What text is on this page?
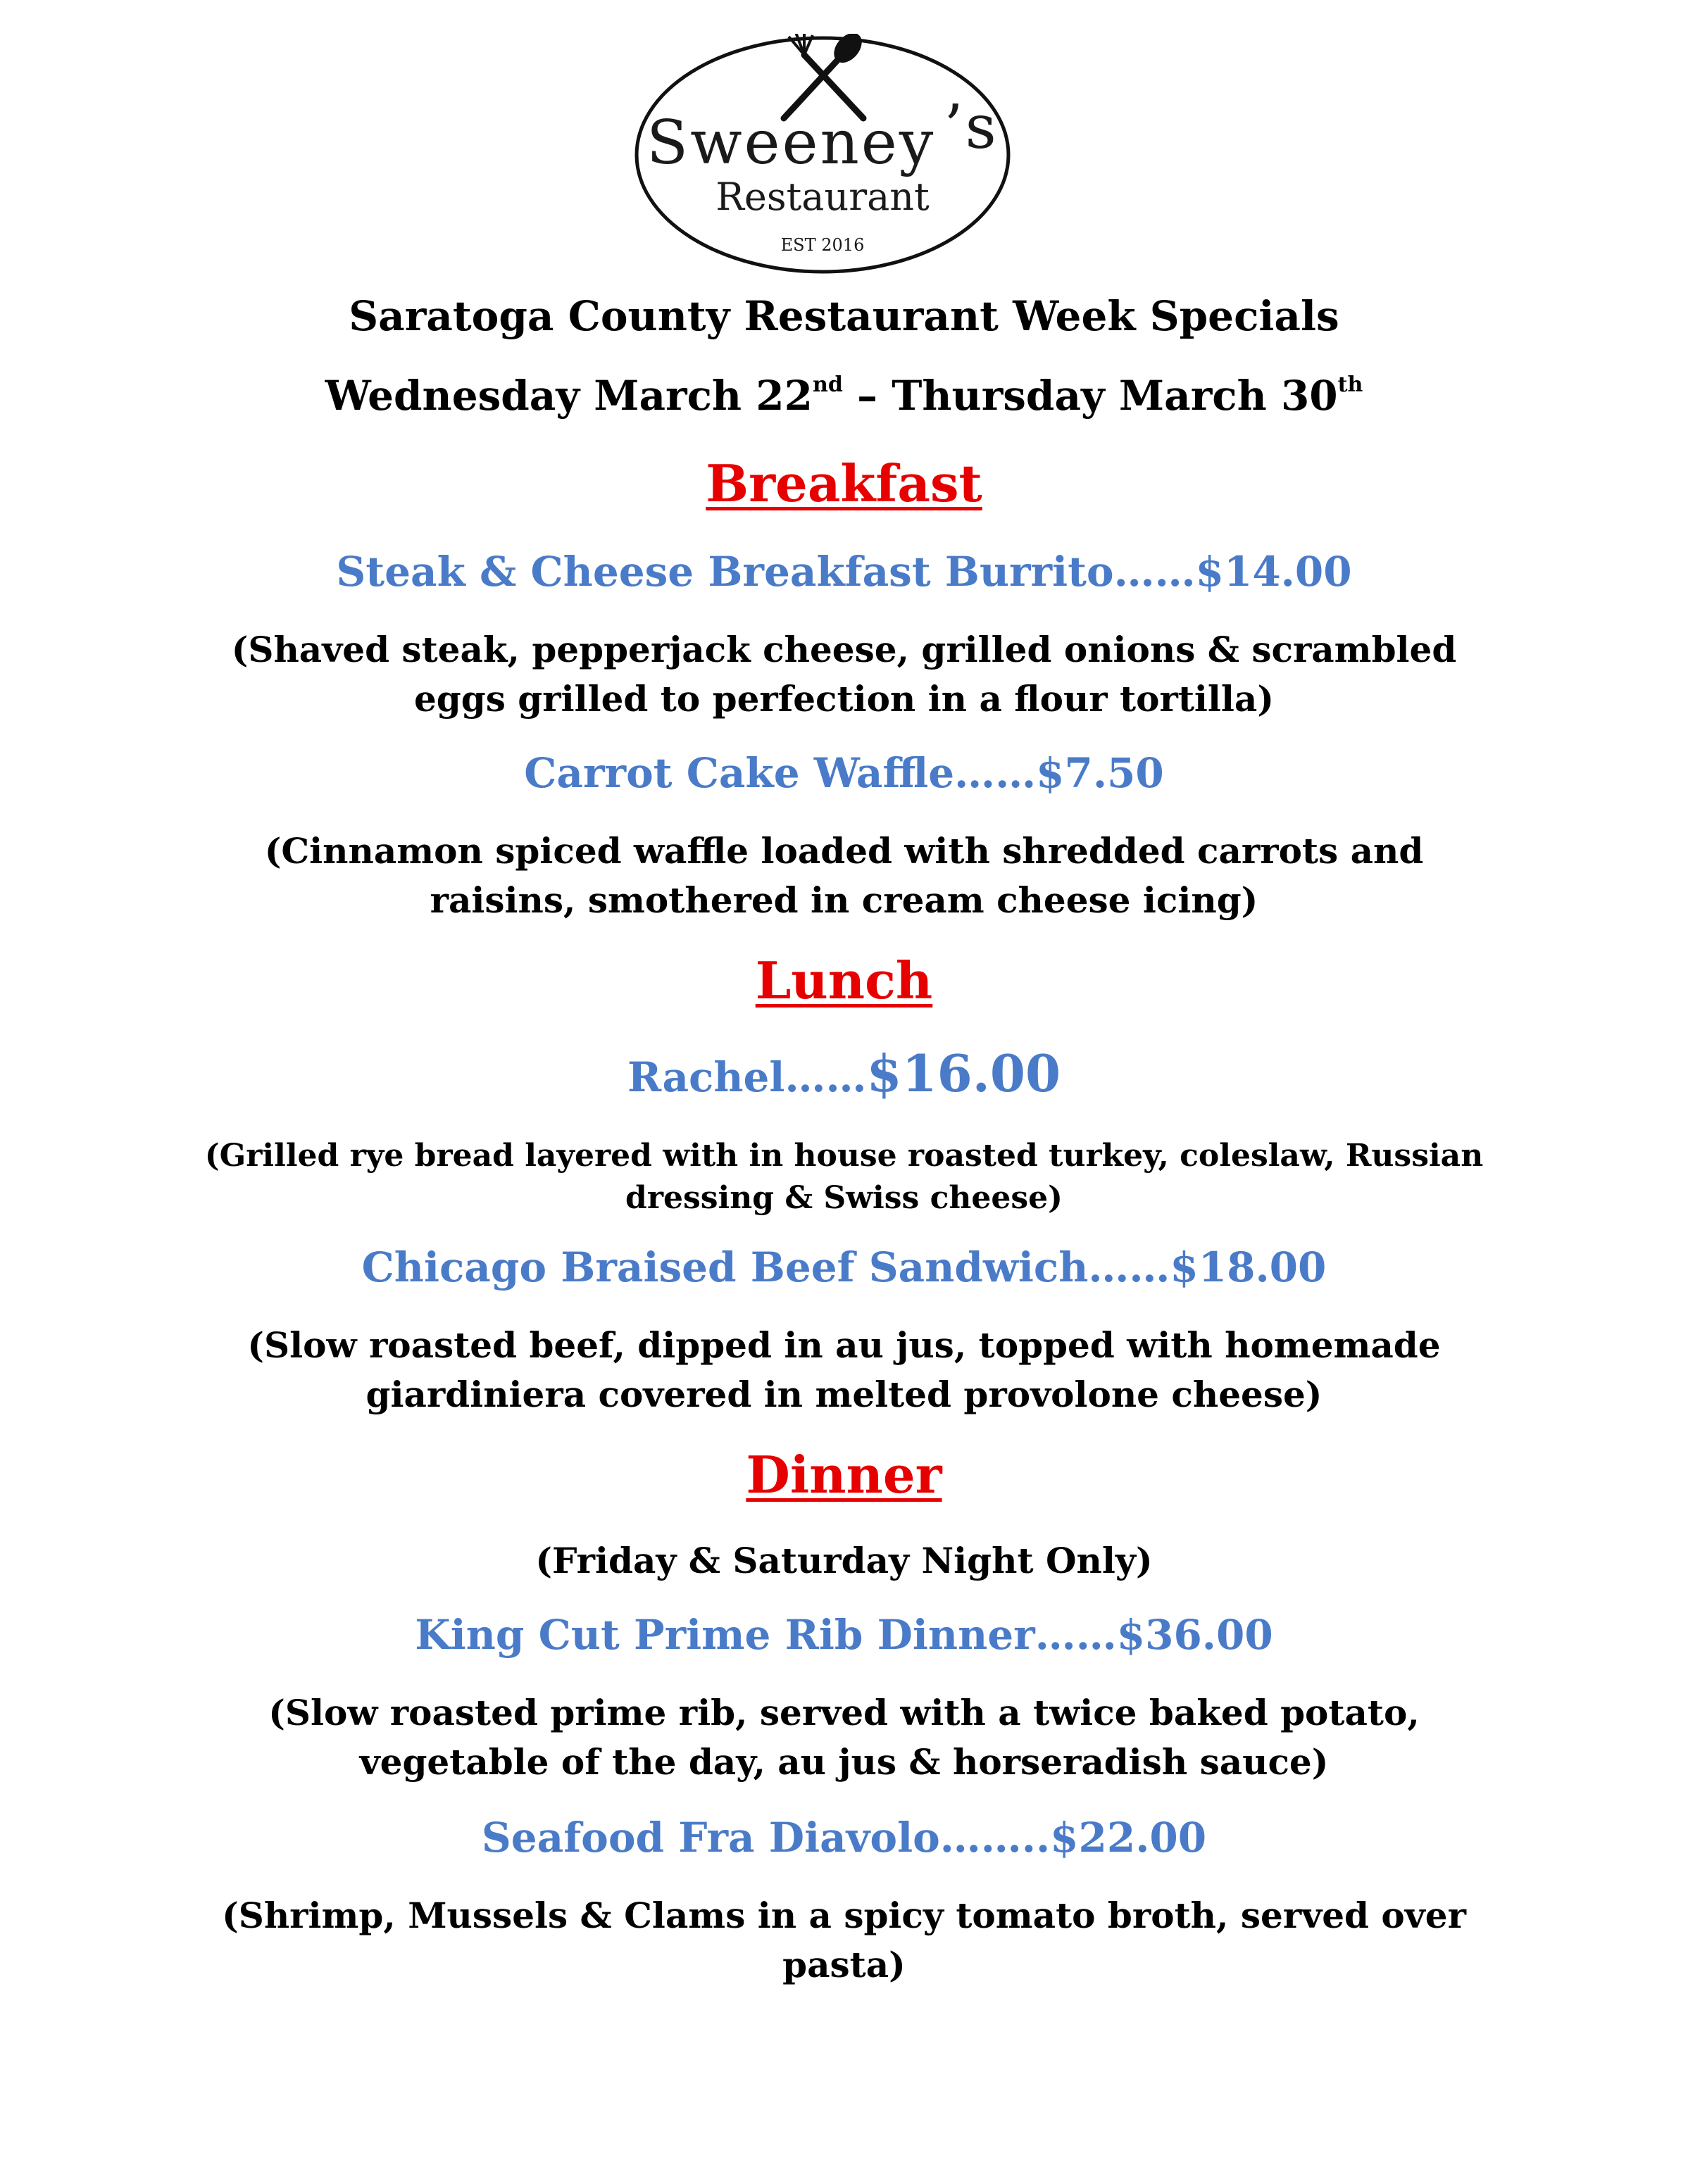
Sweeney ’s
Restaurant
EST 2016
Saratoga County Restaurant Week Specials
Wednesday March 22nd – Thursday March 30th
Breakfast
Steak & Cheese Breakfast Burrito……$14.00
(Shaved steak, pepperjack cheese, grilled onions & scrambled
eggs grilled to perfection in a flour tortilla)
Carrot Cake Waffle……$7.50
(Cinnamon spiced waffle loaded with shredded carrots and
raisins, smothered in cream cheese icing)
Lunch
Rachel……$16.00
(Grilled rye bread layered with in house roasted turkey, coleslaw, Russian
dressing & Swiss cheese)
Chicago Braised Beef Sandwich……$18.00
(Slow roasted beef, dipped in au jus, topped with homemade
giardiniera covered in melted provolone cheese)
Dinner
(Friday & Saturday Night Only)
King Cut Prime Rib Dinner……$36.00
(Slow roasted prime rib, served with a twice baked potato,
vegetable of the day, au jus & horseradish sauce)
Seafood Fra Diavolo……..$22.00
(Shrimp, Mussels & Clams in a spicy tomato broth, served over
pasta)
